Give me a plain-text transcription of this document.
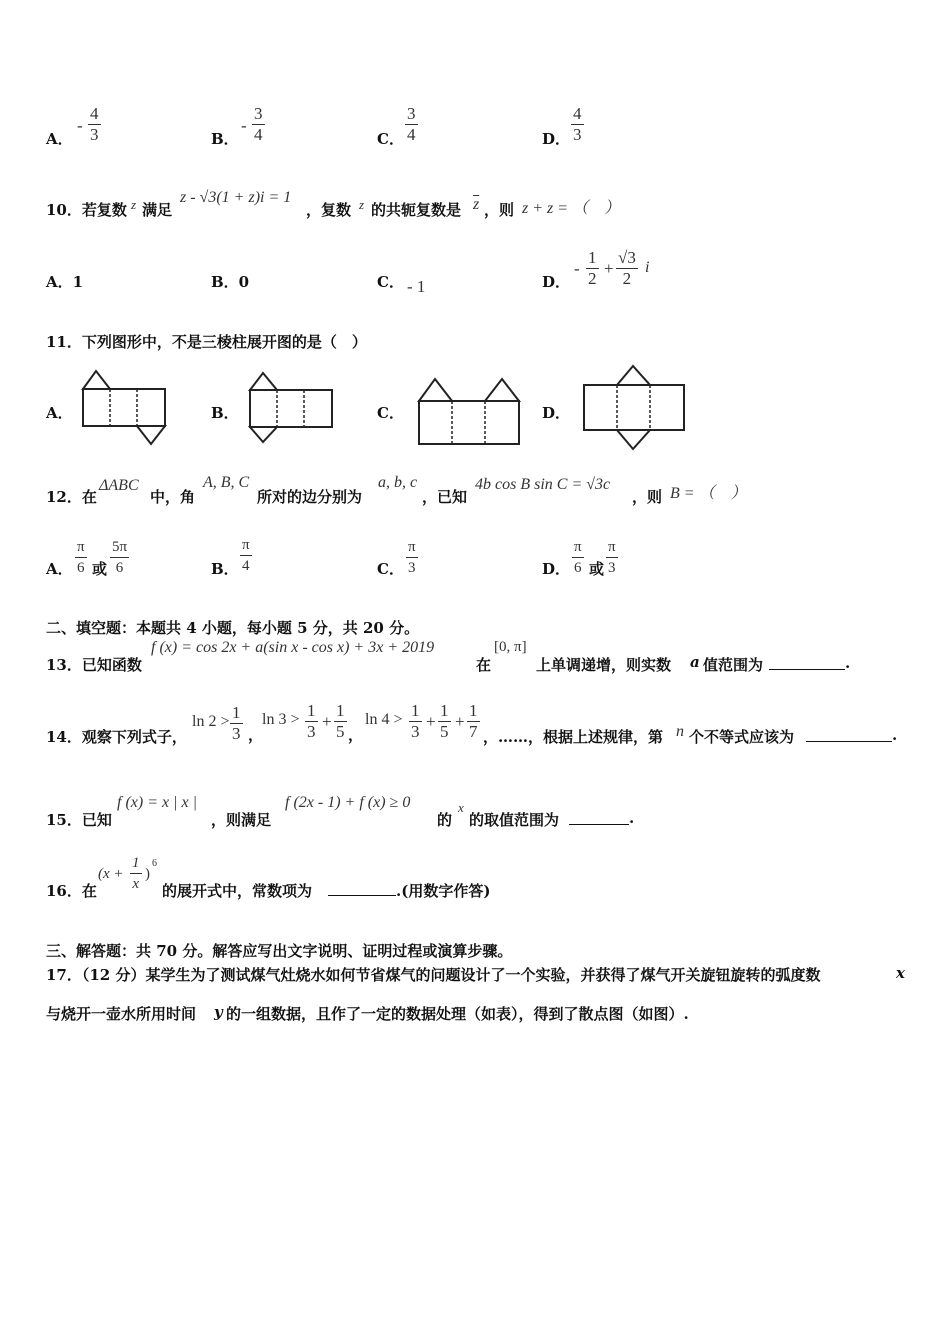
A．
- $\frac{4}{3}$	B．
- $\frac{3}{4}$	C． $\frac{3}{4}$	D． $\frac{4}{3}$
10．若复数 z 满足
z - √3(1 + z)i = 1
，复数 z 的共轭复数是 $\overline{z}$ ，则 z + z = （　）
A．1	B．0	C． - 1	D．
- $\frac{1}{2} + \frac{√3}{2}$ i
11．下列图形中，不是三棱柱展开图的是（　）
A．	B．	C．	D．
12．在
ΔABC
中，角
A, B, C
所对的边分别为
a, b, c
，已知
4b cos B sin C = √3c
，则 B = （　）
A． $\frac{\pi}{6}$ 或 $\frac{5\pi}{6}$	B． $\frac{\pi}{4}$	C． $\frac{\pi}{3}$	D． $\frac{\pi}{6}$ 或 $\frac{\pi}{3}$
二、填空题：本题共 4 小题，每小题 5 分，共 20 分。
13．已知函数
f (x) = cos 2x + a(sin x - cos x) + 3x + 2019
在
[0, π]
上单调递增，则实数 a 值范围为	.
14．观察下列式子，
$\ln 2 > \frac{1}{3}$ ，
$\ln 3 > \frac{1}{3} + \frac{1}{5}$ ，
$\ln 4 > \frac{1}{3} + \frac{1}{5} + \frac{1}{7}$ ，……，根据上述规律，第 n 个不等式应该为	.
15．已知
f (x) = x | x |
，则满足
f (2x - 1) + f (x) ≥ 0
的
x
的取值范围为	.
16．在
($x + \frac{1}{x}$ )
6
的展开式中，常数项为	.(用数字作答)
三、解答题：共 70 分。解答应写出文字说明、证明过程或演算步骤。
17．（12 分）某学生为了测试煤气灶烧水如何节省煤气的问题设计了一个实验，并获得了煤气开关旋钮旋转的弧度数	x
与烧开一壶水所用时间 y 的一组数据，且作了一定的数据处理（如表），得到了散点图（如图）.
